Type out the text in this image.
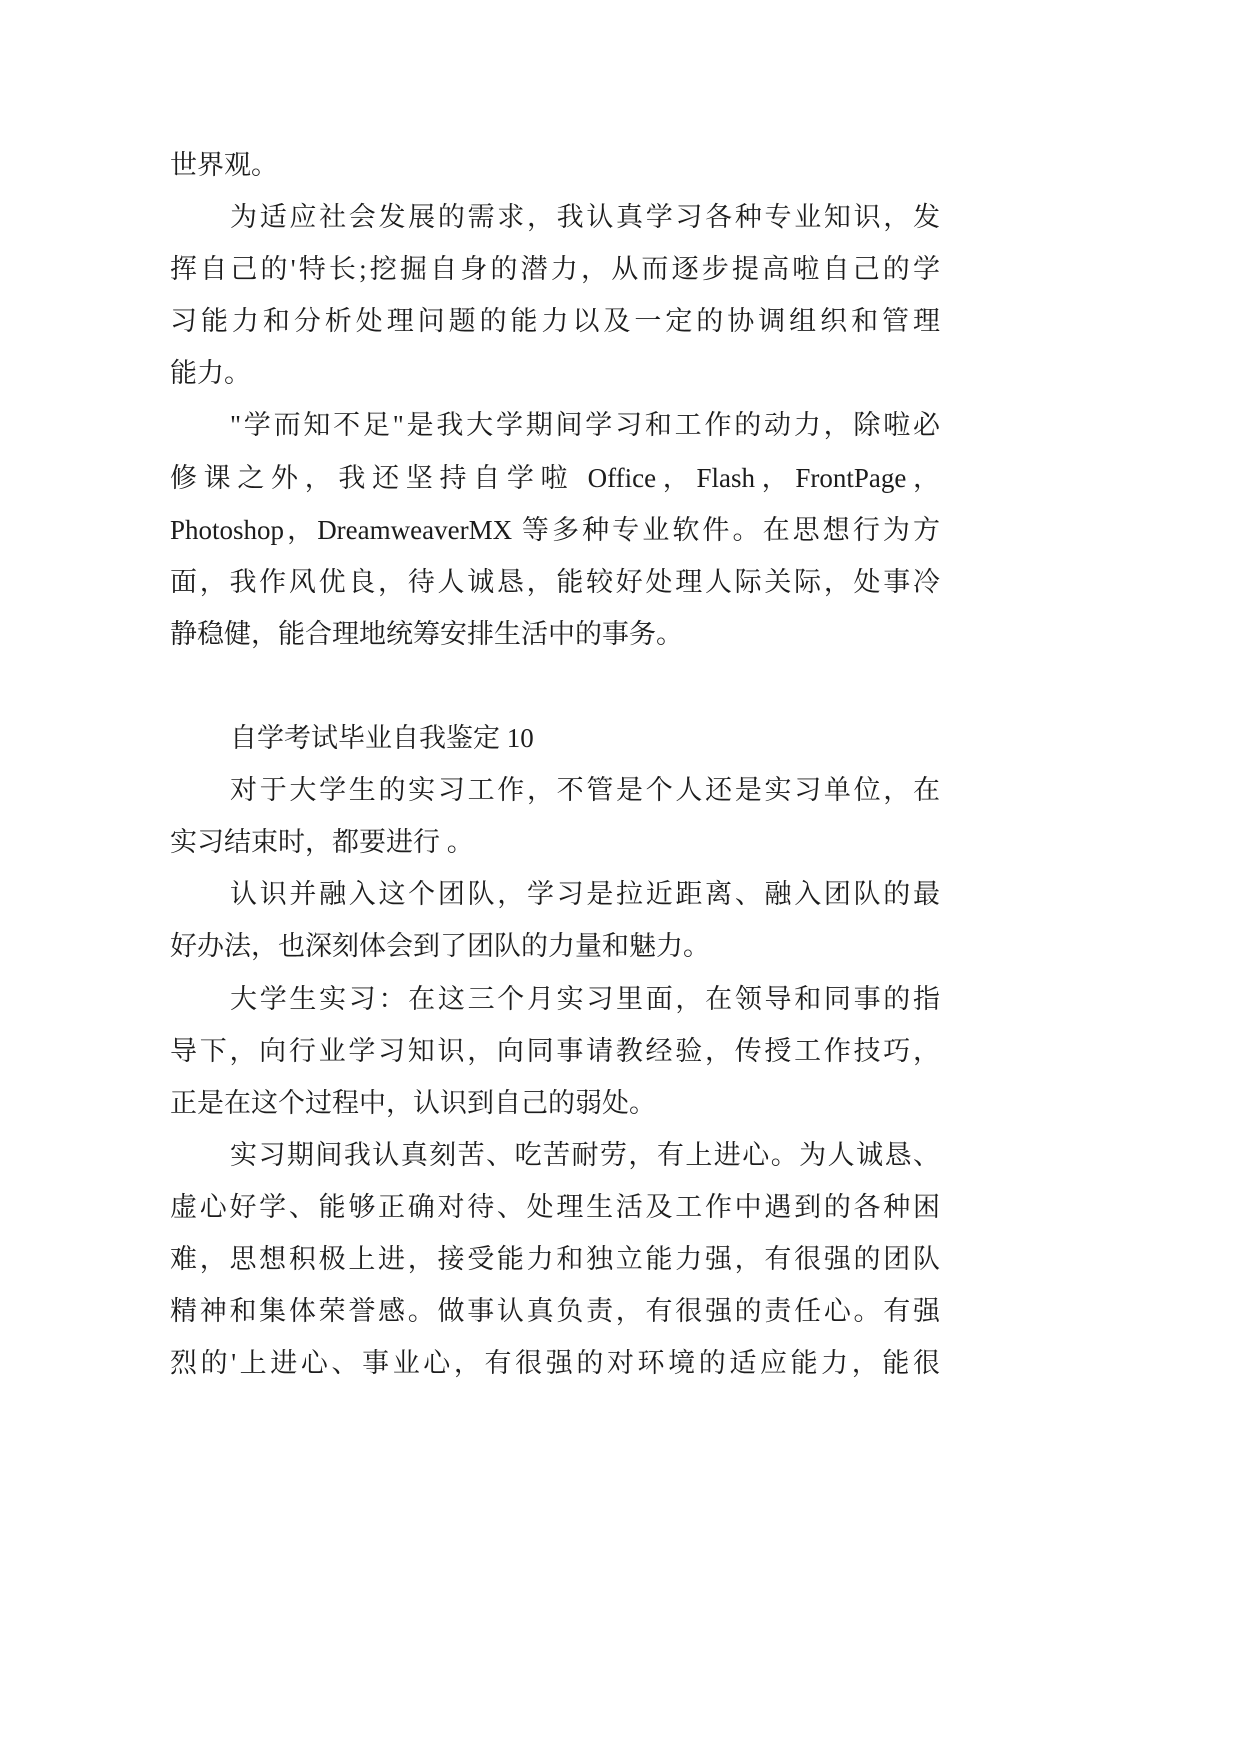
世界观。
为适应社会发展的需求，我认真学习各种专业知识，发
挥自己的'特长;挖掘自身的潜力，从而逐步提高啦自己的学
习能力和分析处理问题的能力以及一定的协调组织和管理
能力。
"学而知不足"是我大学期间学习和工作的动力，除啦必
修课之外，我还坚持自学啦 Office，Flash，FrontPage，
Photoshop，DreamweaverMX 等多种专业软件。在思想行为方
面，我作风优良，待人诚恳，能较好处理人际关际，处事冷
静稳健，能合理地统筹安排生活中的事务。
自学考试毕业自我鉴定 10
对于大学生的实习工作，不管是个人还是实习单位，在
实习结束时，都要进行 。
认识并融入这个团队，学习是拉近距离、融入团队的最
好办法，也深刻体会到了团队的力量和魅力。
大学生实习：在这三个月实习里面，在领导和同事的指
导下，向行业学习知识，向同事请教经验，传授工作技巧，
正是在这个过程中，认识到自己的弱处。
实习期间我认真刻苦、吃苦耐劳，有上进心。为人诚恳、
虚心好学、能够正确对待、处理生活及工作中遇到的各种困
难，思想积极上进，接受能力和独立能力强，有很强的团队
精神和集体荣誉感。做事认真负责，有很强的责任心。有强
烈的'上进心、事业心，有很强的对环境的适应能力，能很
